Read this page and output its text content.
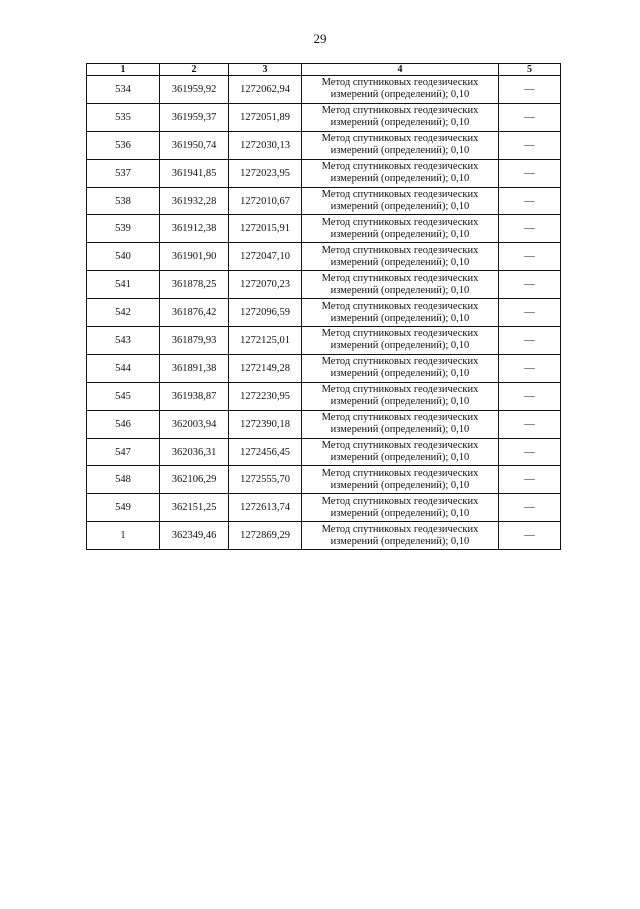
29
1	2	3	4	5
534	361959,92	1272062,94	Метод спутниковых геодезических
измерений (определений); 0,10	—
535	361959,37	1272051,89	Метод спутниковых геодезических
измерений (определений); 0,10	—
536	361950,74	1272030,13	Метод спутниковых геодезических
измерений (определений); 0,10	—
537	361941,85	1272023,95	Метод спутниковых геодезических
измерений (определений); 0,10	—
538	361932,28	1272010,67	Метод спутниковых геодезических
измерений (определений); 0,10	—
539	361912,38	1272015,91	Метод спутниковых геодезических
измерений (определений); 0,10	—
540	361901,90	1272047,10	Метод спутниковых геодезических
измерений (определений); 0,10	—
541	361878,25	1272070,23	Метод спутниковых геодезических
измерений (определений); 0,10	—
542	361876,42	1272096,59	Метод спутниковых геодезических
измерений (определений); 0,10	—
543	361879,93	1272125,01	Метод спутниковых геодезических
измерений (определений); 0,10	—
544	361891,38	1272149,28	Метод спутниковых геодезических
измерений (определений); 0,10	—
545	361938,87	1272230,95	Метод спутниковых геодезических
измерений (определений); 0,10	—
546	362003,94	1272390,18	Метод спутниковых геодезических
измерений (определений); 0,10	—
547	362036,31	1272456,45	Метод спутниковых геодезических
измерений (определений); 0,10	—
548	362106,29	1272555,70	Метод спутниковых геодезических
измерений (определений); 0,10	—
549	362151,25	1272613,74	Метод спутниковых геодезических
измерений (определений); 0,10	—
1	362349,46	1272869,29	Метод спутниковых геодезических
измерений (определений); 0,10	—
